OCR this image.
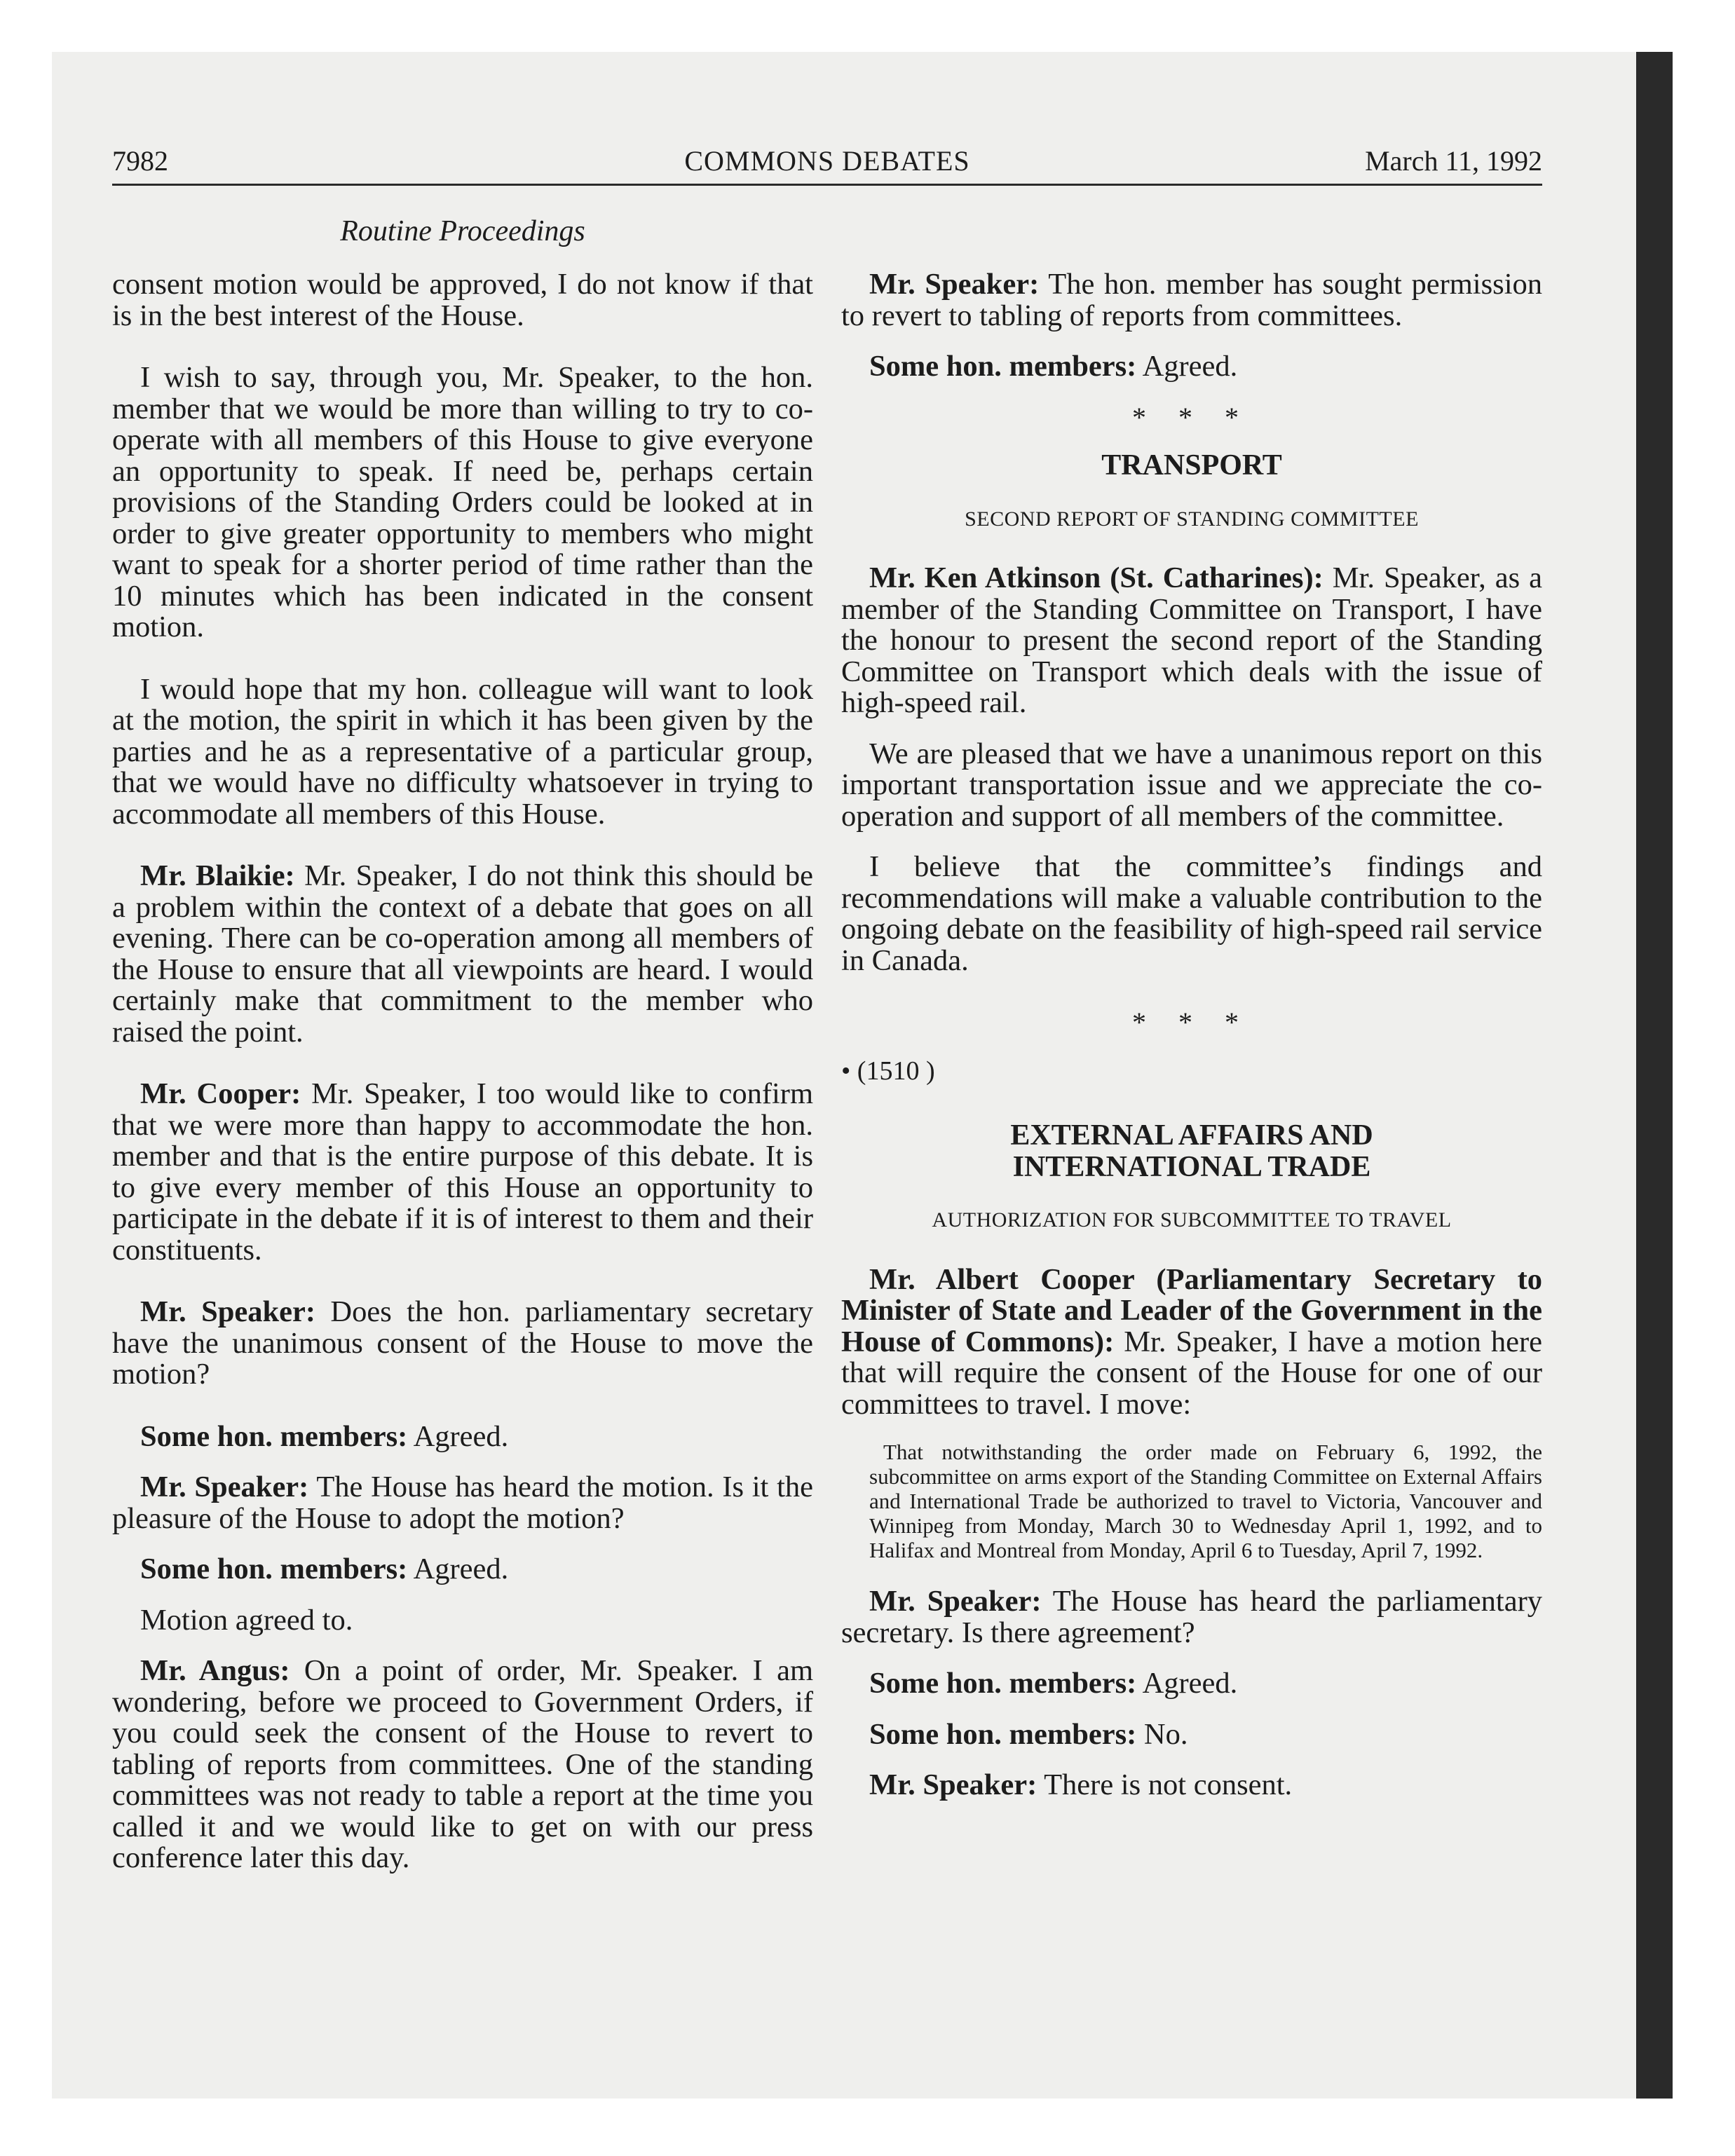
7982	COMMONS DEBATES	March 11, 1992
Routine Proceedings

consent motion would be approved, I do not know if that is in the best interest of the House.

I wish to say, through you, Mr. Speaker, to the hon. member that we would be more than willing to try to co-operate with all members of this House to give everyone an opportunity to speak. If need be, perhaps certain provisions of the Standing Orders could be looked at in order to give greater opportunity to members who might want to speak for a shorter period of time rather than the 10 minutes which has been indicated in the consent motion.

I would hope that my hon. colleague will want to look at the motion, the spirit in which it has been given by the parties and he as a representative of a particular group, that we would have no difficulty whatsoever in trying to accommodate all members of this House.

Mr. Blaikie: Mr. Speaker, I do not think this should be a problem within the context of a debate that goes on all evening. There can be co-operation among all members of the House to ensure that all viewpoints are heard. I would certainly make that commitment to the member who raised the point.

Mr. Cooper: Mr. Speaker, I too would like to confirm that we were more than happy to accommodate the hon. member and that is the entire purpose of this debate. It is to give every member of this House an opportunity to participate in the debate if it is of interest to them and their constituents.

Mr. Speaker: Does the hon. parliamentary secretary have the unanimous consent of the House to move the motion?

Some hon. members: Agreed.

Mr. Speaker: The House has heard the motion. Is it the pleasure of the House to adopt the motion?

Some hon. members: Agreed.

Motion agreed to.

Mr. Angus: On a point of order, Mr. Speaker. I am wondering, before we proceed to Government Orders, if you could seek the consent of the House to revert to tabling of reports from committees. One of the standing committees was not ready to table a report at the time you called it and we would like to get on with our press conference later this day.

Mr. Speaker: The hon. member has sought permission to revert to tabling of reports from committees.

Some hon. members: Agreed.

* * *
TRANSPORT
SECOND REPORT OF STANDING COMMITTEE

Mr. Ken Atkinson (St. Catharines): Mr. Speaker, as a member of the Standing Committee on Transport, I have the honour to present the second report of the Standing Committee on Transport which deals with the issue of high-speed rail.

We are pleased that we have a unanimous report on this important transportation issue and we appreciate the co-operation and support of all members of the committee.

I believe that the committee’s findings and recommendations will make a valuable contribution to the ongoing debate on the feasibility of high-speed rail service in Canada.

* * *
• (1510 )
EXTERNAL AFFAIRS AND INTERNATIONAL TRADE
AUTHORIZATION FOR SUBCOMMITTEE TO TRAVEL

Mr. Albert Cooper (Parliamentary Secretary to Minister of State and Leader of the Government in the House of Commons): Mr. Speaker, I have a motion here that will require the consent of the House for one of our committees to travel. I move:

That notwithstanding the order made on February 6, 1992, the subcommittee on arms export of the Standing Committee on External Affairs and International Trade be authorized to travel to Victoria, Vancouver and Winnipeg from Monday, March 30 to Wednesday April 1, 1992, and to Halifax and Montreal from Monday, April 6 to Tuesday, April 7, 1992.

Mr. Speaker: The House has heard the parliamentary secretary. Is there agreement?

Some hon. members: Agreed.

Some hon. members: No.

Mr. Speaker: There is not consent.
